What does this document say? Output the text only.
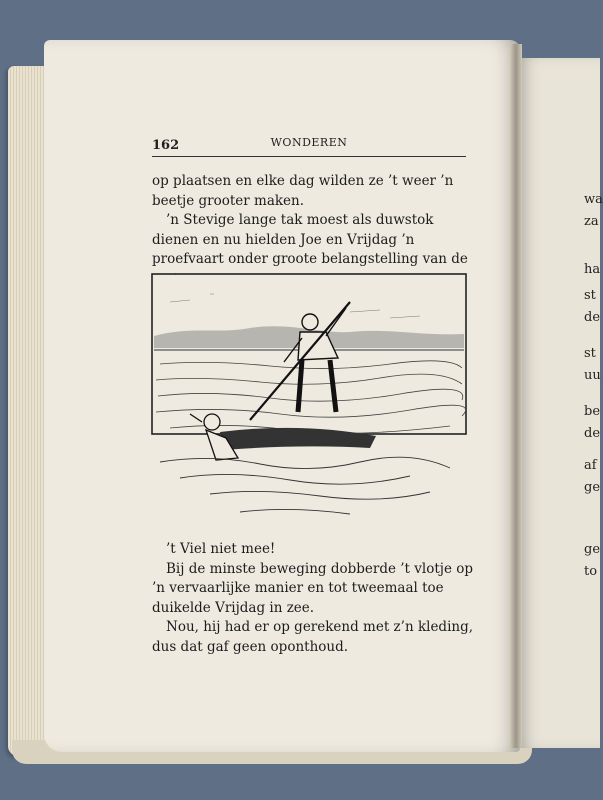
162	WONDEREN

op plaatsen en elke dag wilden ze ’t weer ’n beetje grooter maken.

’n Stevige lange tak moest als duwstok dienen en nu hielden Joe en Vrijdag ’n proefvaart onder groote belangstelling van de

’t Viel niet mee!

Bij de minste beweging dobberde ’t vlotje op ’n vervaarlijke manier en tot tweemaal toe duikelde Vrijdag in zee.

Nou, hij had er op gerekend met z’n kleding, dus dat gaf geen oponthoud.

wa
za
ha
st
de
st
uu
be
de
af
ge
ge
to
